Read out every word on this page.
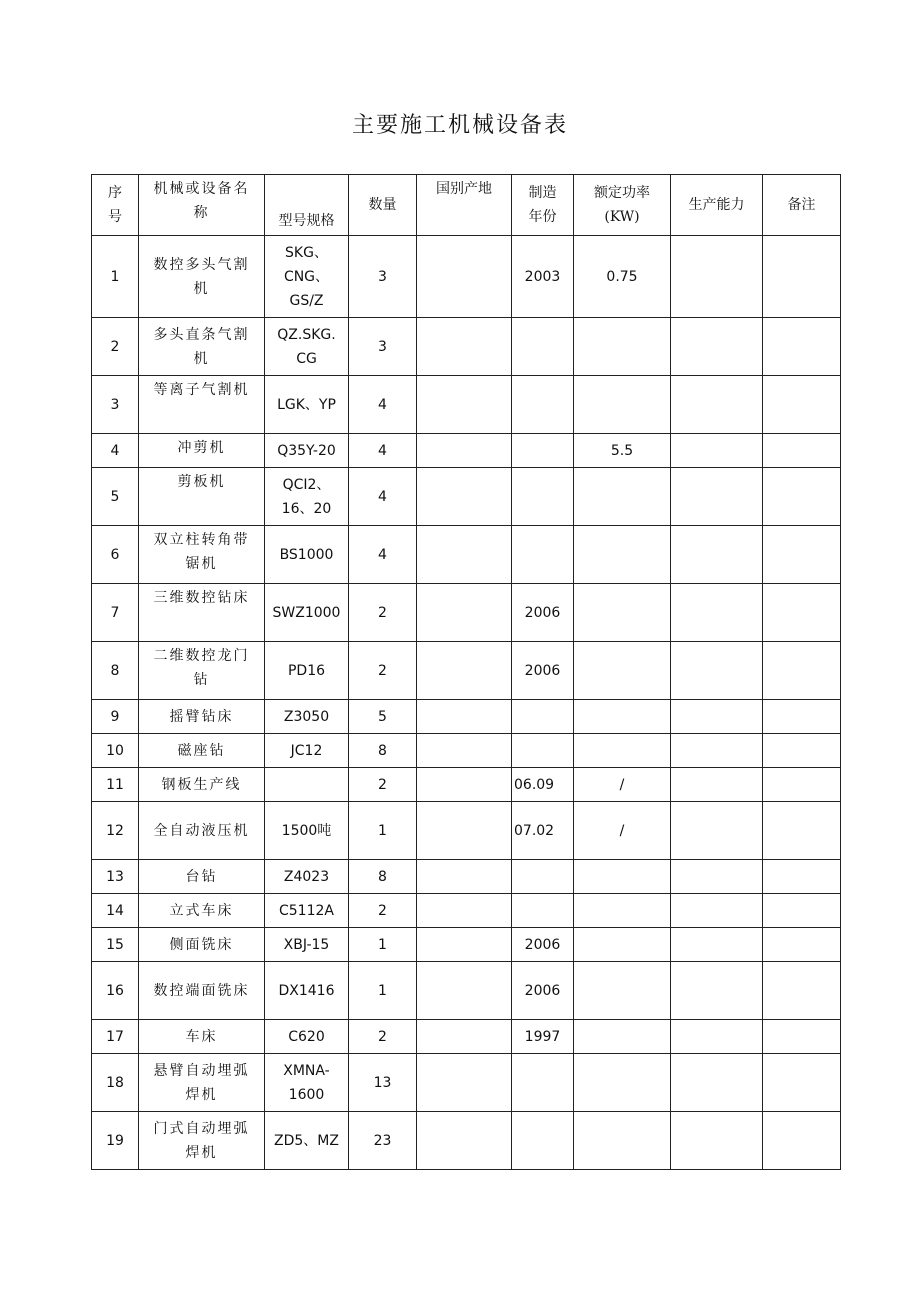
主要施工机械设备表
序
号	机械或设备名
称	型号规格	数量	国别产地	制造
年份	额定功率
(KW)	生产能力	备注
1	数控多头气割
机	SKG、
CNG、GS/Z	3		2003	0.75		
2	多头直条气割
机	QZ.SKG.
CG	3					
3	等离子气割机	LGK、YP	4					
4	冲剪机	Q35Y-20	4			5.5		
5	剪板机	QCI2、
16、20	4					
6	双立柱转角带
锯机	BS1000	4					
7	三维数控钻床	SWZ1000	2		2006			
8	二维数控龙门
钻	PD16	2		2006			
9	摇臂钻床	Z3050	5					
10	磁座钻	JC12	8					
11	钢板生产线		2		06.09	/		
12	全自动液压机	1500吨	1		07.02	/		
13	台钻	Z4023	8					
14	立式车床	C5112A	2					
15	侧面铣床	XBJ-15	1		2006			
16	数控端面铣床	DX1416	1		2006			
17	车床	C620	2		1997			
18	悬臂自动埋弧
焊机	XMNA-1600	13					
19	门式自动埋弧
焊机	ZD5、MZ	23					
